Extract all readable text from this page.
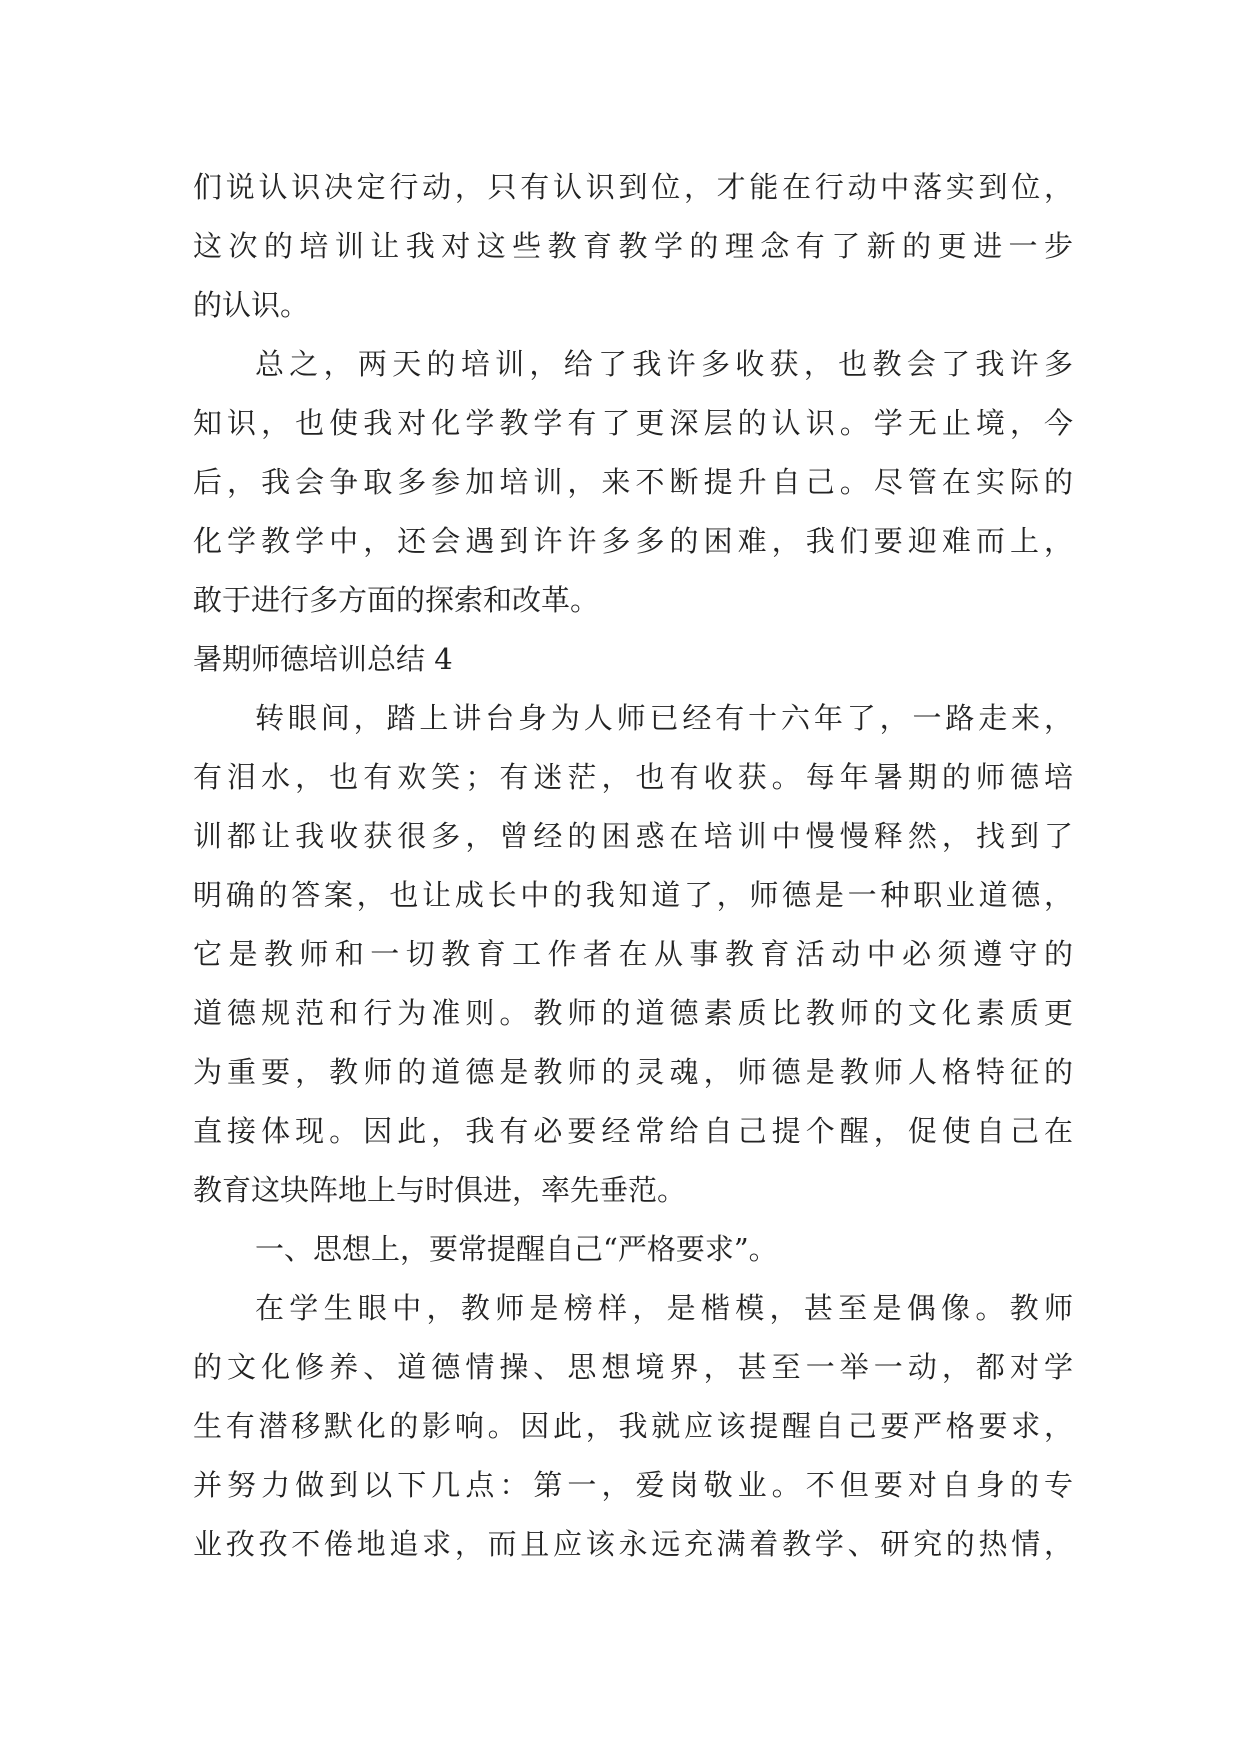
们说认识决定行动，只有认识到位，才能在行动中落实到位，
这次的培训让我对这些教育教学的理念有了新的更进一步
的认识。
总之，两天的培训，给了我许多收获，也教会了我许多
知识，也使我对化学教学有了更深层的认识。学无止境，今
后，我会争取多参加培训，来不断提升自己。尽管在实际的
化学教学中，还会遇到许许多多的困难，我们要迎难而上，
敢于进行多方面的探索和改革。
暑期师德培训总结 4
转眼间，踏上讲台身为人师已经有十六年了，一路走来，
有泪水，也有欢笑；有迷茫，也有收获。每年暑期的师德培
训都让我收获很多，曾经的困惑在培训中慢慢释然，找到了
明确的答案，也让成长中的我知道了，师德是一种职业道德，
它是教师和一切教育工作者在从事教育活动中必须遵守的
道德规范和行为准则。教师的道德素质比教师的文化素质更
为重要，教师的道德是教师的灵魂，师德是教师人格特征的
直接体现。因此，我有必要经常给自己提个醒，促使自己在
教育这块阵地上与时俱进，率先垂范。
一、思想上，要常提醒自己“严格要求”。
在学生眼中，教师是榜样，是楷模，甚至是偶像。教师
的文化修养、道德情操、思想境界，甚至一举一动，都对学
生有潜移默化的影响。因此，我就应该提醒自己要严格要求，
并努力做到以下几点：第一，爱岗敬业。不但要对自身的专
业孜孜不倦地追求，而且应该永远充满着教学、研究的热情，
